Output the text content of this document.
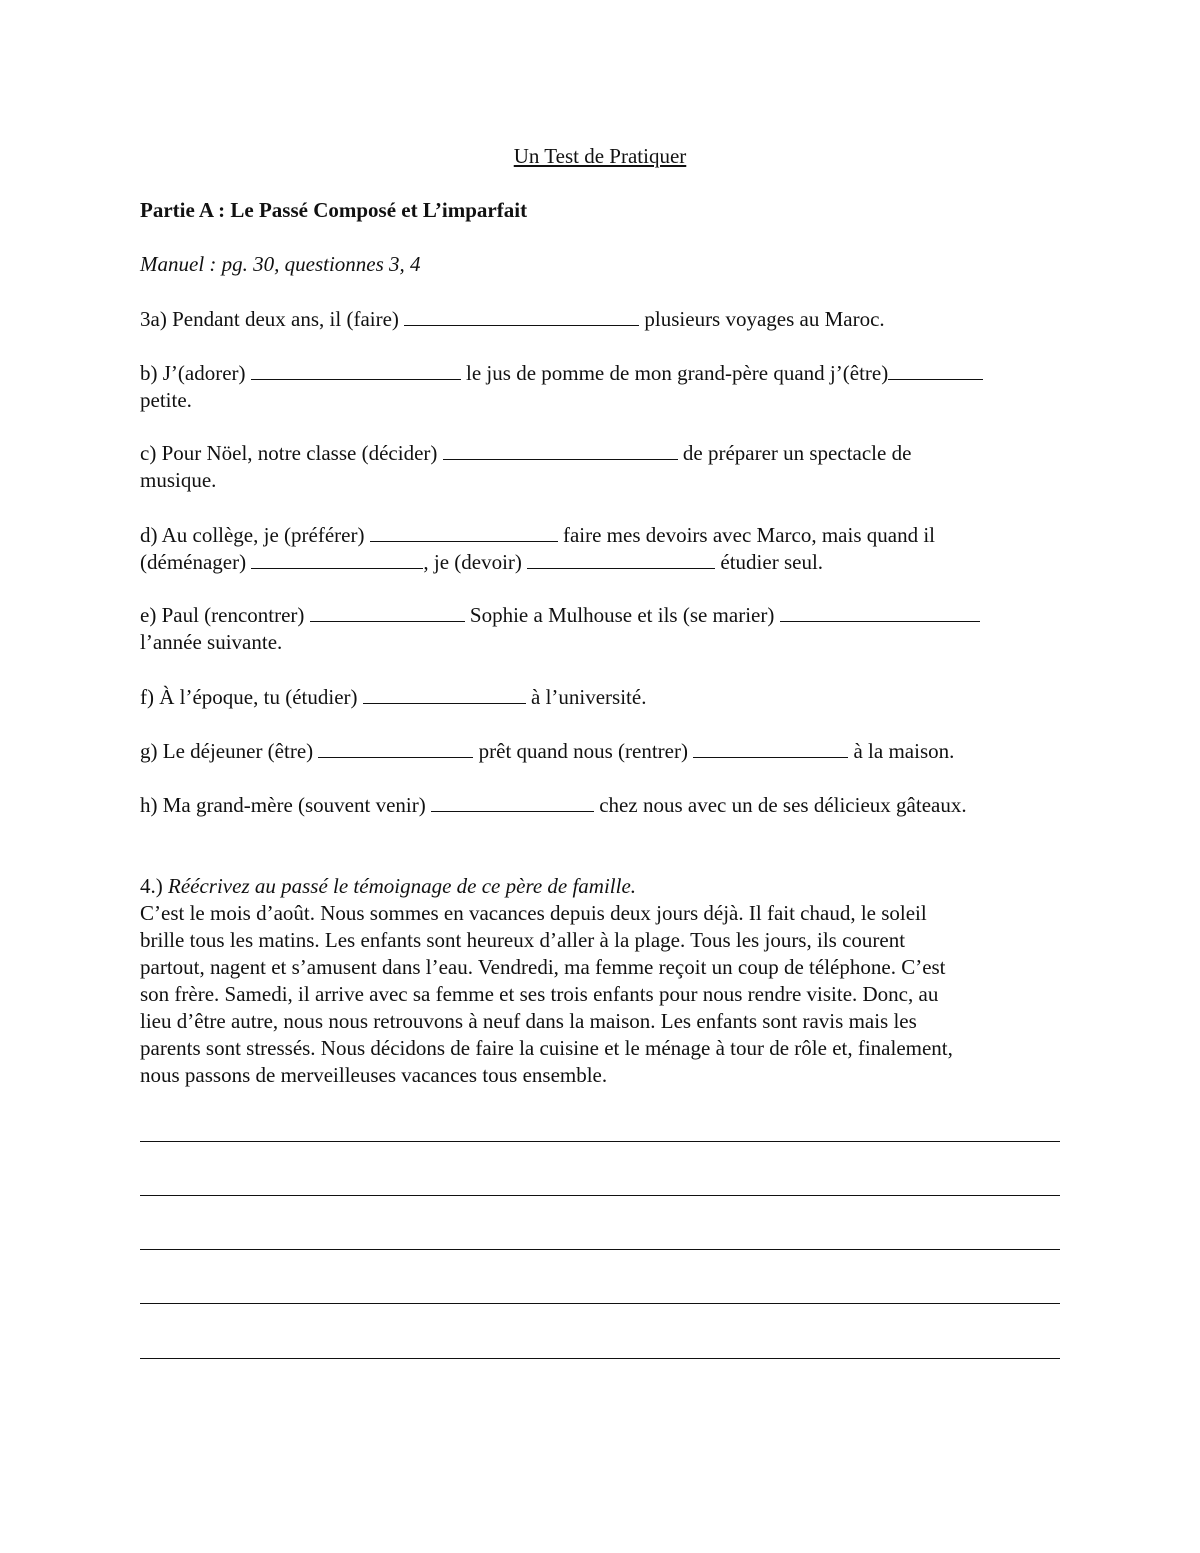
Un Test de Pratiquer
Partie A : Le Passé Composé et L’imparfait
Manuel : pg. 30, questionnes 3, 4
3a) Pendant deux ans, il (faire)	plusieurs voyages au Maroc.
b) J’(adorer)	le jus de pomme de mon grand-père quand j’(être)
petite.
c) Pour Nöel, notre classe (décider)	de préparer un spectacle de
musique.
d) Au collège, je (préférer)	faire mes devoirs avec Marco, mais quand il
(déménager)	, je (devoir)	étudier seul.
e) Paul (rencontrer)	Sophie a Mulhouse et ils (se marier)
l’année suivante.
f) À l’époque, tu (étudier)	à l’université.
g) Le déjeuner (être)	prêt quand nous (rentrer)	à la maison.
h) Ma grand-mère (souvent venir)	chez nous avec un de ses délicieux gâteaux.
4.) Réécrivez au passé le témoignage de ce père de famille.
C’est le mois d’août. Nous sommes en vacances depuis deux jours déjà. Il fait chaud, le soleil
brille tous les matins. Les enfants sont heureux d’aller à la plage. Tous les jours, ils courent
partout, nagent et s’amusent dans l’eau. Vendredi, ma femme reçoit un coup de téléphone. C’est
son frère. Samedi, il arrive avec sa femme et ses trois enfants pour nous rendre visite. Donc, au
lieu d’être autre, nous nous retrouvons à neuf dans la maison. Les enfants sont ravis mais les
parents sont stressés. Nous décidons de faire la cuisine et le ménage à tour de rôle et, finalement,
nous passons de merveilleuses vacances tous ensemble.
